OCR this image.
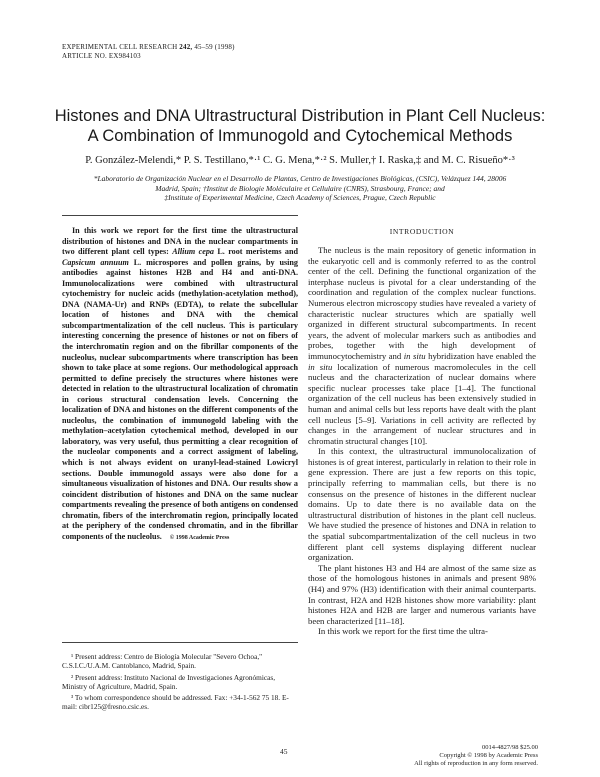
EXPERIMENTAL CELL RESEARCH 242, 45–59 (1998)
ARTICLE NO. EX984103
Histones and DNA Ultrastructural Distribution in Plant Cell Nucleus:
A Combination of Immunogold and Cytochemical Methods
P. González-Melendi,* P. S. Testillano,*·¹ C. G. Mena,*·² S. Muller,† I. Raska,‡ and M. C. Risueño*·³
*Laboratorio de Organización Nuclear en el Desarrollo de Plantas, Centro de Investigaciones Biológicas, (CSIC), Velázquez 144, 28006
Madrid, Spain; †Institut de Biologie Moléculaire et Cellulaire (CNRS), Strasbourg, France; and
‡Institute of Experimental Medicine, Czech Academy of Sciences, Prague, Czech Republic
In this work we report for the first time the ultrastructural distribution of histones and DNA in the nuclear compartments in two different plant cell types: Allium cepa L. root meristems and Capsicum annuum L. microspores and pollen grains, by using antibodies against histones H2B and H4 and anti-DNA. Immunolocalizations were combined with ultrastructural cytochemistry for nucleic acids (methylation-acetylation method), DNA (NAMA-Ur) and RNPs (EDTA), to relate the subcellular location of histones and DNA with the chemical subcompartmentalization of the cell nucleus. This is particulary interesting concerning the presence of histones or not on fibers of the interchromatin region and on the fibrillar components of the nucleolus, nuclear subcompartments where transcription has been shown to take place at some regions. Our methodological approach permitted to define precisely the structures where histones were detected in relation to the ultrastructural localization of chromatin in corious structural condensation levels. Concerning the localization of DNA and histones on the different components of the nucleolus, the combination of immunogold labeling with the methylation–acetylation cytochemical method, developed in our laboratory, was very useful, thus permitting a clear recognition of the nucleolar components and a correct assigment of labeling, which is not always evident on uranyl-lead-stained Lowicryl sections. Double immunogold assays were also done for a simultaneous visualization of histones and DNA. Our results show a coincident distribution of histones and DNA on the same nuclear compartments revealing the presence of both antigens on condensed chromatin, fibers of the interchromatin region, principally located at the periphery of the condensed chromatin, and in the fibrillar components of the nucleolus. © 1998 Academic Press

¹ Present address: Centro de Biología Molecular "Severo Ochoa," C.S.I.C./U.A.M. Cantoblanco, Madrid, Spain.

² Present address: Instituto Nacional de Investigaciones Agronómicas, Ministry of Agriculture, Madrid, Spain.

³ To whom correspondence should be addressed. Fax: +34-1-562 75 18. E-mail: cibr125@fresno.csic.es.

INTRODUCTION

The nucleus is the main repository of genetic information in the eukaryotic cell and is commonly referred to as the control center of the cell. Defining the functional organization of the interphase nucleus is pivotal for a clear understanding of the coordination and regulation of the complex nuclear functions. Numerous electron microscopy studies have revealed a variety of characteristic nuclear structures which are spatially well organized in different structural subcompartments. In recent years, the advent of molecular markers such as antibodies and probes, together with the high development of immunocytochemistry and in situ hybridization have enabled the in situ localization of numerous macromolecules in the cell nucleus and the characterization of nuclear domains where specific nuclear processes take place [1–4]. The functional organization of the cell nucleus has been extensively studied in human and animal cells but less reports have dealt with the plant cell nucleus [5–9]. Variations in cell activity are reflected by changes in the arrangement of nuclear structures and in chromatin structural changes [10].

In this context, the ultrastructural immunolocalization of histones is of great interest, particularly in relation to their role in gene expression. There are just a few reports on this topic, principally referring to mammalian cells, but there is no consensus on the presence of histones in the different nuclear domains. Up to date there is no available data on the ultrastructural distribution of histones in the plant cell nucleus. We have studied the presence of histones and DNA in relation to the spatial subcompartmentalization of the cell nucleus in two different plant cell systems displaying different nuclear organization.

The plant histones H3 and H4 are almost of the same size as those of the homologous histones in animals and present 98% (H4) and 97% (H3) identification with their animal counterparts. In contrast, H2A and H2B histones show more variability: plant histones H2A and H2B are larger and numerous variants have been characterized [11–18].

In this work we report for the first time the ultra-

45	0014-4827/98 $25.00
Copyright © 1998 by Academic Press
All rights of reproduction in any form reserved.
